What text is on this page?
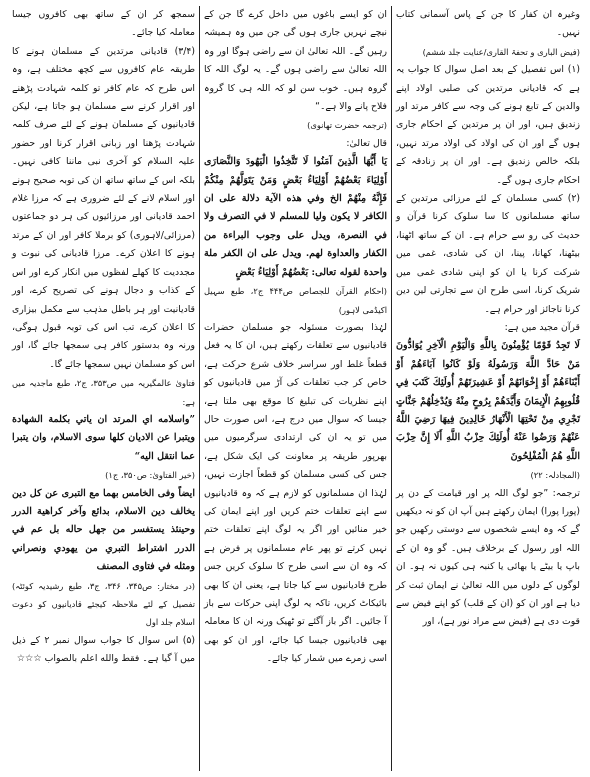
وغیرہ ان کفار کا جن کے پاس آسمانی کتاب نہیں۔

(فیض الباری و تحفۃ القاری/عنایت جلد ششم)

(۱) اس تفصیل کے بعد اصل سوال کا جواب یہ ہے کہ قادیانی مرتدین کی صلبی اولاد اپنے والدین کے تابع ہونے کی وجہ سے کافر مرتد اور زندیق ہیں، اور ان پر مرتدین کے احکام جاری ہوں گے اور ان کی اولاد کی اولاد مرتد نہیں، بلکہ خالص زندیق ہے۔ اور ان پر زنادقہ کے احکام جاری ہوں گے۔

(۲) کسی مسلمان کے لئے مرزائی مرتدین کے ساتھ مسلمانوں کا سا سلوک کرنا قرآن و حدیث کی رو سے حرام ہے۔ ان کے ساتھ اٹھنا، بیٹھنا، کھانا، پینا، ان کی شادی، غمی میں شرکت کرنا یا ان کو اپنی شادی غمی میں شریک کرنا، اسی طرح ان سے تجارتی لین دین کرنا ناجائز اور حرام ہے۔

قرآن مجید میں ہے:

لَا تَجِدُ قَوْمًا يُؤْمِنُونَ بِاللَّهِ وَالْيَوْمِ الْآخِرِ يُوَادُّونَ مَنْ حَادَّ اللَّهَ وَرَسُولَهُ وَلَوْ كَانُوا آبَاءَهُمْ أَوْ أَبْنَاءَهُمْ أَوْ إِخْوَانَهُمْ أَوْ عَشِيرَتَهُمْ أُولَئِكَ كَتَبَ فِي قُلُوبِهِمُ الْإِيمَانَ وَأَيَّدَهُمْ بِرُوحٍ مِنْهُ وَيُدْخِلُهُمْ جَنَّاتٍ تَجْرِي مِنْ تَحْتِهَا الْأَنْهَارُ خَالِدِينَ فِيهَا رَضِيَ اللَّهُ عَنْهُمْ وَرَضُوا عَنْهُ أُولَئِكَ حِزْبُ اللَّهِ أَلَا إِنَّ حِزْبَ اللَّهِ هُمُ الْمُفْلِحُونَ

(المجادلہ: ۲۲)

ترجمہ: ”جو لوگ اللہ پر اور قیامت کے دن پر (پورا پورا) ایمان رکھتے ہیں آپ ان کو نہ دیکھیں گے کہ وہ ایسے شخصوں سے دوستی رکھیں جو اللہ اور رسول کے برخلاف ہیں۔ گو وہ ان کے باپ یا بیٹے یا بھائی یا کنبہ ہی کیوں نہ ہو۔ ان لوگوں کے دلوں میں اللہ تعالیٰ نے ایمان ثبت کر دیا ہے اور ان کو (ان کے قلب) کو اپنے فیض سے قوت دی ہے (فیض سے مراد نور ہے)، اور

ان کو ایسے باغوں میں داخل کرے گا جن کے نیچے نہریں جاری ہوں گی جن میں وہ ہمیشہ رہیں گے۔ اللہ تعالیٰ ان سے راضی ہوگا اور وہ اللہ تعالیٰ سے راضی ہوں گے۔ یہ لوگ اللہ کا گروہ ہیں۔ خوب سن لو کہ اللہ ہی کا گروہ فلاح پانے والا ہے۔“

(ترجمہ حضرت تھانوی)

قال تعالیٰ:

يَا أَيُّهَا الَّذِينَ آمَنُوا لَا تَتَّخِذُوا الْيَهُودَ وَالنَّصَارَى أَوْلِيَاءَ بَعْضُهُمْ أَوْلِيَاءُ بَعْضٍ وَمَنْ يَتَوَلَّهُمْ مِنْكُمْ فَإِنَّهُ مِنْهُمْ الخ وفي هذه الآية دلالة على ان الكافر لا يكون وليا للمسلم لا في التصرف ولا في النصرة، ويدل على وجوب البراءة من الكفار والعداوة لهم. ويدل على ان الكفر ملة واحدة لقوله تعالى: بَعْضُهُمْ أَوْلِيَاءُ بَعْضٍ

(احکام القرآن للجصاص ص۴۴۴ ج۲، طبع سہیل اکیڈمی لاہور)

لہٰذا بصورت مسئولہ جو مسلمان حضرات قادیانیوں سے تعلقات رکھتے ہیں، ان کا یہ فعل قطعاً غلط اور سراسر خلاف شرع حرکت ہے، خاص کر جب تعلقات کی آڑ میں قادیانیوں کو اپنے نظریات کی تبلیغ کا موقع بھی ملتا ہے، جیسا کہ سوال میں درج ہے، اس صورت حال میں تو یہ ان کی ارتدادی سرگرمیوں میں بھرپور طریقہ پر معاونت کی ایک شکل ہے، جس کی کسی مسلمان کو قطعاً اجازت نہیں، لہٰذا ان مسلمانوں کو لازم ہے کہ وہ قادیانیوں سے اپنے تعلقات ختم کریں اور اپنے ایمان کی خیر منائیں اور اگر یہ لوگ اپنے تعلقات ختم نہیں کرتے تو پھر عام مسلمانوں پر فرض ہے کہ وہ ان سے اسی طرح کا سلوک کریں جس طرح قادیانیوں سے کیا جاتا ہے، یعنی ان کا بھی بائیکاٹ کریں، تاکہ یہ لوگ اپنی حرکات سے باز آ جائیں۔ اگر باز آگئے تو ٹھیک ورنہ ان کا معاملہ بھی قادیانیوں جیسا کیا جائے، اور ان کو بھی اسی زمرے میں شمار کیا جائے۔

سمجھ کر ان کے ساتھ بھی کافروں جیسا معاملہ کیا جائے۔

(۳/۴) قادیانی مرتدین کے مسلمان ہونے کا طریقہ عام کافروں سے کچھ مختلف ہے، وہ اس طرح کہ عام کافر تو کلمہ شہادت پڑھنے اور اقرار کرنے سے مسلمان ہو جاتا ہے، لیکن قادیانیوں کے مسلمان ہونے کے لئے صرف کلمہ شہادت پڑھنا اور زبانی اقرار کرنا اور حضور علیہ السلام کو آخری نبی ماننا کافی نہیں۔ بلکہ اس کے ساتھ ساتھ ان کی توبہ صحیح ہونے اور اسلام لانے کے لئے ضروری ہے کہ مرزا غلام احمد قادیانی اور مرزائیوں کی ہر دو جماعتوں (مرزائی/لاہوری) کو برملا کافر اور ان کے مرتد ہونے کا اعلان کرے۔ مرزا قادیانی کی نبوت و مجددیت کا کھلے لفظوں میں انکار کرے اور اس کے کذاب و دجال ہونے کی تصریح کرے، اور قادیانیت اور ہر باطل مذہب سے مکمل بیزاری کا اعلان کرے، تب اس کی توبہ قبول ہوگی، ورنہ وہ بدستور کافر ہی سمجھا جائے گا، اور اس کو مسلمان نہیں سمجھا جائے گا۔

فتاویٰ عالمگیریہ میں ص۳۵۳، ج۲، طبع ماجدیہ میں ہے:

”واسلامه اي المرتد ان ياتي بكلمة الشهادة ويتبرا عن الاديان كلها سوى الاسلام، وان يتبرا عما انتقل اليه“

(خیر الفتاویٰ: ص۳۵۰، ج۱)

ایضاً وفی الخامس بهما مع التبری عن كل دين يخالف دين الاسلام، بدائع وآخر كراهية الدرر وحينئذ يستفسر من جهل حاله بل عم في الدرر اشتراط التبري من يهودي ونصراني ومثله في فتاوى المصنف

(در مختار: ص۳۴۵، ۳۴۶، ج۳، طبع رشیدیہ کوئٹہ) تفصیل کے لئے ملاحظہ کیجئے قادیانیوں کو دعوت اسلام جلد اول

(۵) اس سوال کا جواب سوال نمبر ۲ کے ذیل میں آ گیا ہے۔ فقط والله اعلم بالصواب ☆☆☆
